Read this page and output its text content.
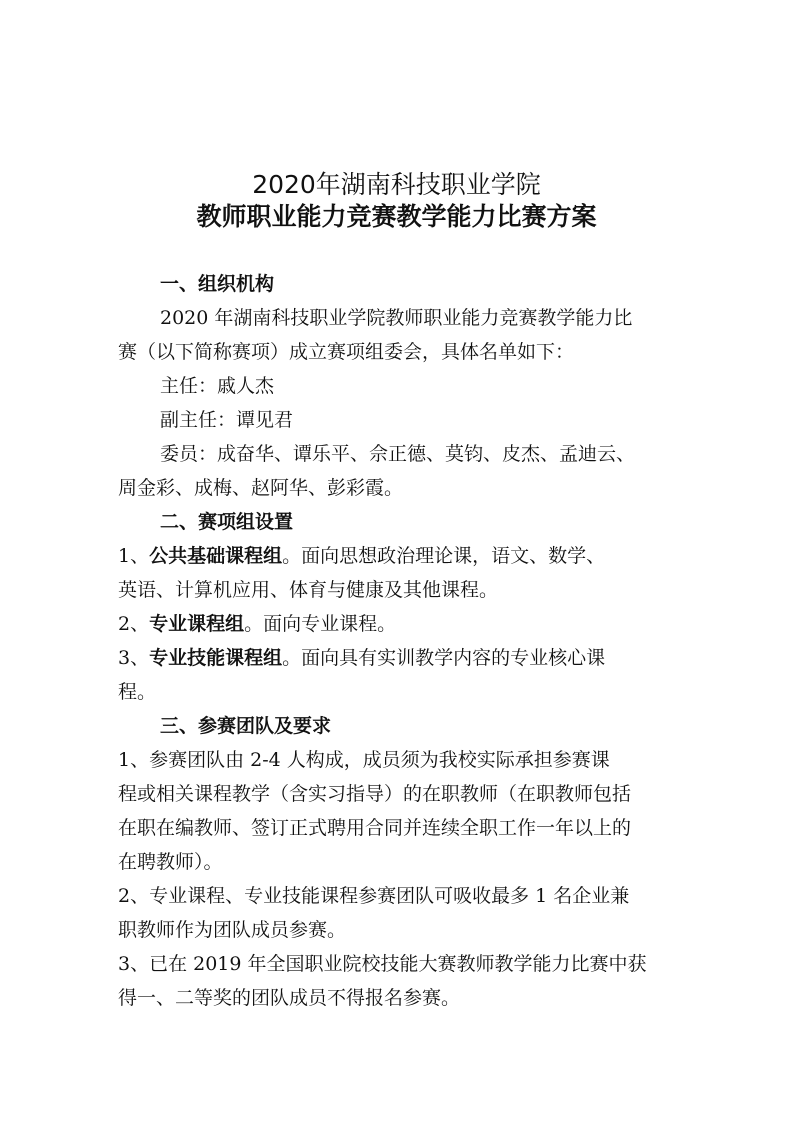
2020年湖南科技职业学院
教师职业能力竞赛教学能力比赛方案
一、组织机构
2020 年湖南科技职业学院教师职业能力竞赛教学能力比
赛（以下简称赛项）成立赛项组委会，具体名单如下：
主任：戚人杰
副主任：谭见君
委员：成奋华、谭乐平、佘正德、莫钧、皮杰、孟迪云、
周金彩、成梅、赵阿华、彭彩霞。
二、赛项组设置
1、公共基础课程组。面向思想政治理论课，语文、数学、
英语、计算机应用、体育与健康及其他课程。
2、专业课程组。面向专业课程。
3、专业技能课程组。面向具有实训教学内容的专业核心课
程。
三、参赛团队及要求
1、参赛团队由 2-4 人构成，成员须为我校实际承担参赛课
程或相关课程教学（含实习指导）的在职教师（在职教师包括
在职在编教师、签订正式聘用合同并连续全职工作一年以上的
在聘教师）。
2、专业课程、专业技能课程参赛团队可吸收最多 1 名企业兼
职教师作为团队成员参赛。
3、已在 2019 年全国职业院校技能大赛教师教学能力比赛中获
得一、二等奖的团队成员不得报名参赛。
